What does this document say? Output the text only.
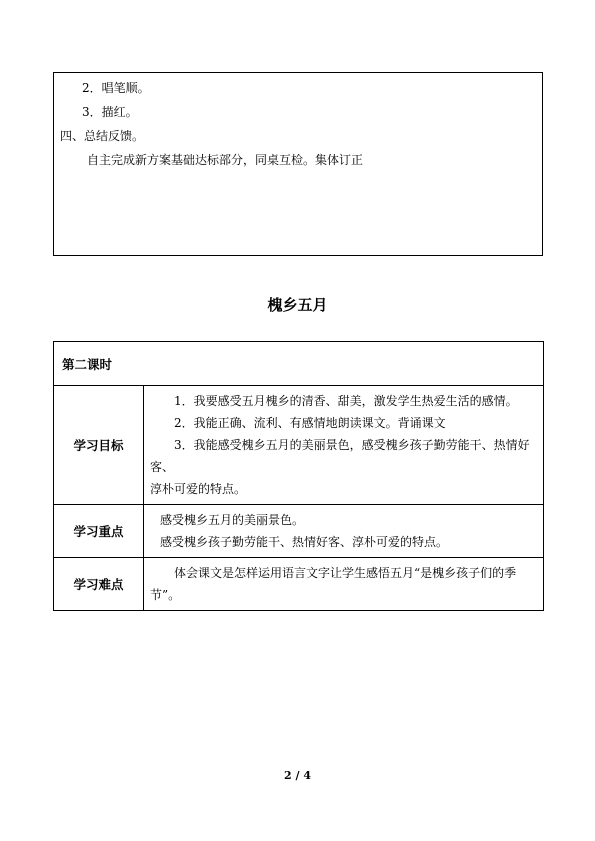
2．唱笔顺。
3．描红。
四、总结反馈。
自主完成新方案基础达标部分，同桌互检。集体订正
槐乡五月
第二课时	
学习目标	1．我要感受五月槐乡的清香、甜美，激发学生热爱生活的感情。
2．我能正确、流利、有感情地朗读课文。背诵课文
3．我能感受槐乡五月的美丽景色，感受槐乡孩子勤劳能干、热情好客、
淳朴可爱的特点。

学习重点	感受槐乡五月的美丽景色。
感受槐乡孩子勤劳能干、热情好客、淳朴可爱的特点。

学习难点	体会课文是怎样运用语言文字让学生感悟五月“是槐乡孩子们的季
节”。
2 / 4
